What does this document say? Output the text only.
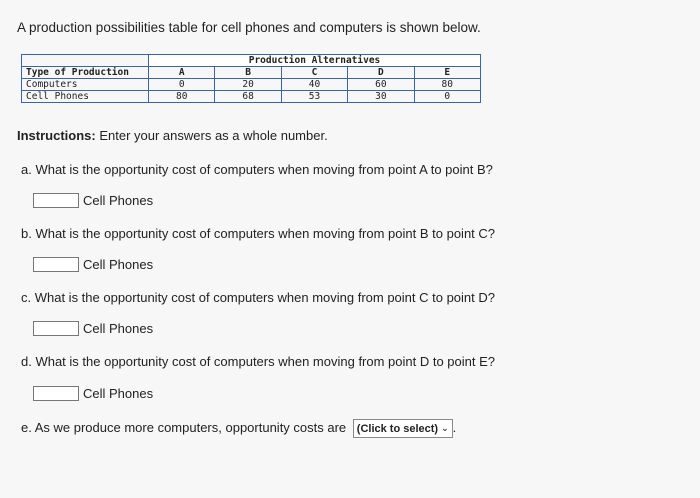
A production possibilities table for cell phones and computers is shown below.
	Production Alternatives				
Type of Production	A	B	C	D	E
Computers	0	20	40	60	80
Cell Phones	80	68	53	30	0
Instructions: Enter your answers as a whole number.
a. What is the opportunity cost of computers when moving from point A to point B?
Cell Phones
b. What is the opportunity cost of computers when moving from point B to point C?
Cell Phones
c. What is the opportunity cost of computers when moving from point C to point D?
Cell Phones
d. What is the opportunity cost of computers when moving from point D to point E?
Cell Phones
e. As we produce more computers, opportunity costs are (Click to select) ⌄ .
